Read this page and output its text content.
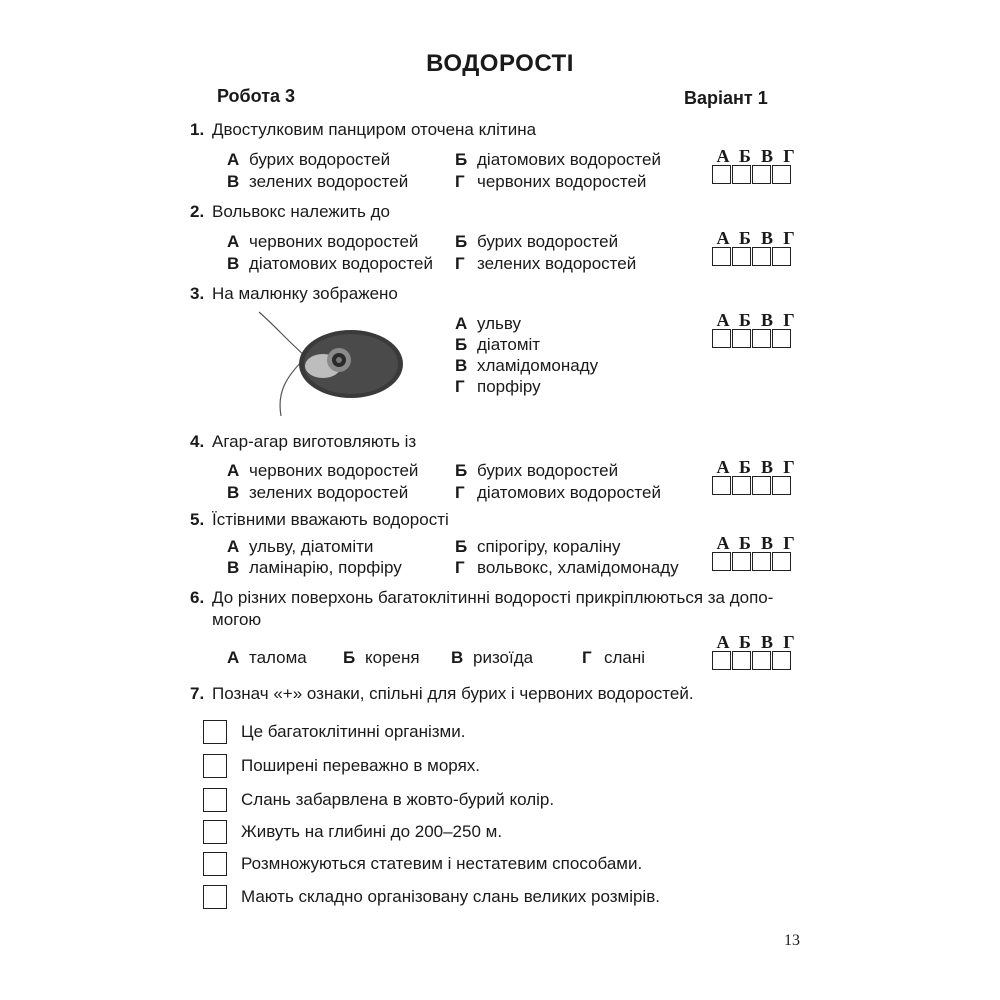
ВОДОРОСТІ
Робота 3	Варіант 1
1. Двостулковим панциром оточена клітина
А бурих водоростей	Б діатомових водоростей
В зелених водоростей	Г червоних водоростей
А Б В Г
2. Вольвокс належить до
А червоних водоростей Б бурих водоростей
В діатомових водоростей Г зелених водоростей
А Б В Г
3. На малюнку зображено
А ульву
Б діатоміт
В хламідомонаду
Г порфіру
А Б В Г
4. Агар-агар виготовляють із
А червоних водоростей Б бурих водоростей
В зелених водоростей	Г діатомових водоростей
А Б В Г
5. Їстівними вважають водорості
А ульву, діатоміти	Б спірогіру, кораліну
В ламінарію, порфіру	Г вольвокс, хламідомонаду
А Б В Г
6. До різних поверхонь багатоклітинні водорості прикріплюються за допо-
могою
А талома Б кореня В ризоїда	Г слані
А Б В Г
7. Познач «+» ознаки, спільні для бурих і червоних водоростей.
Це багатоклітинні організми.
Поширені переважно в морях.
Слань забарвлена в жовто-бурий колір.
Живуть на глибині до 200–250 м.
Розмножуються статевим і нестатевим способами.
Мають складно організовану слань великих розмірів.
13
